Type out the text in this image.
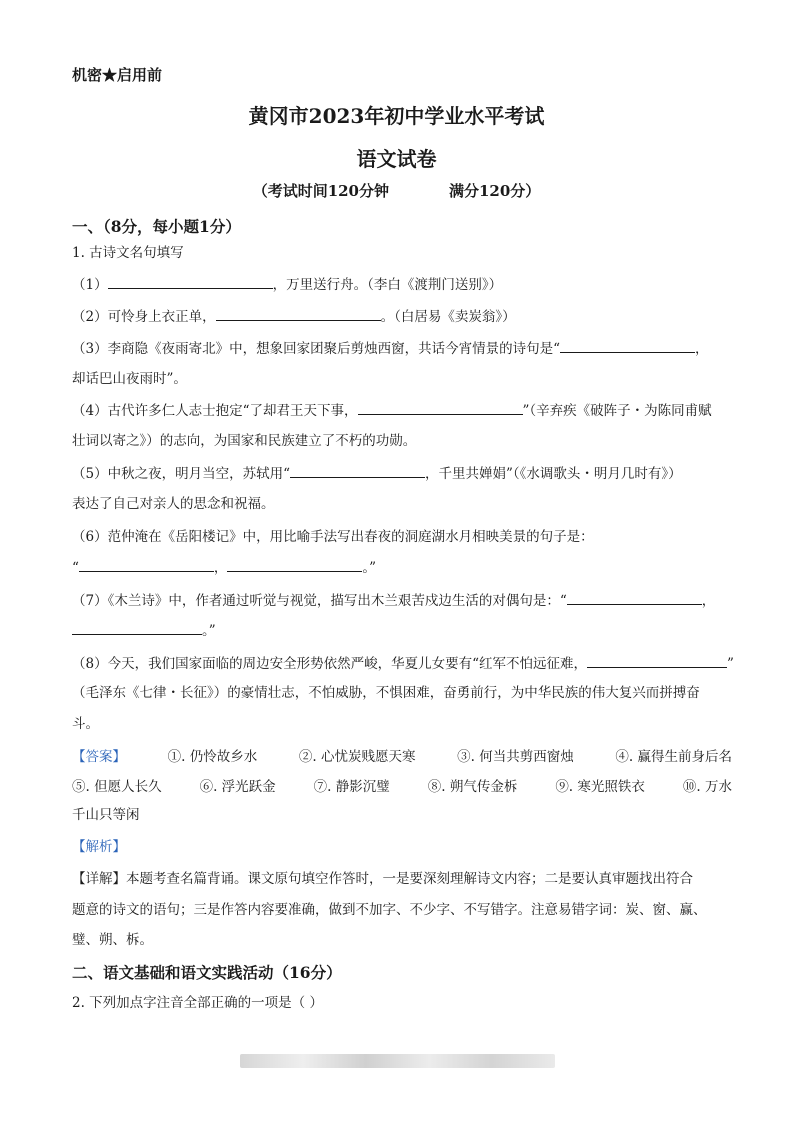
机密★启用前
黄冈市2023年初中学业水平考试
语文试卷
（考试时间120分钟	满分120分）
一、（8分，每小题1分）
1. 古诗文名句填写
（1）	，万里送行舟。（李白《渡荆门送别》）
（2）可怜身上衣正单，	。（白居易《卖炭翁》）
（3）李商隐《夜雨寄北》中，想象回家团聚后剪烛西窗，共话今宵情景的诗句是“	，
却话巴山夜雨时”。
（4）古代许多仁人志士抱定“了却君王天下事，	”（辛弃疾《破阵子・为陈同甫赋
壮词以寄之》）的志向，为国家和民族建立了不朽的功勋。
（5）中秋之夜，明月当空，苏轼用“	，千里共婵娟”（《水调歌头・明月几时有》）
表达了自己对亲人的思念和祝福。
（6）范仲淹在《岳阳楼记》中，用比喻手法写出春夜的洞庭湖水月相映美景的句子是：
“	，	。”
（7）《木兰诗》中，作者通过听觉与视觉，描写出木兰艰苦戍边生活的对偶句是：“	，
。”
（8）今天，我们国家面临的周边安全形势依然严峻，华夏儿女要有“红军不怕远征难，	”
（毛泽东《七律・长征》）的豪情壮志，不怕威胁，不惧困难，奋勇前行，为中华民族的伟大复兴而拼搏奋
斗。
【答案】	①. 仍怜故乡水	②. 心忧炭贱愿天寒	③. 何当共剪西窗烛	④. 赢得生前身后名
⑤. 但愿人长久	⑥. 浮光跃金	⑦. 静影沉璧	⑧. 朔气传金柝	⑨. 寒光照铁衣	⑩. 万水
千山只等闲
【解析】
【详解】本题考查名篇背诵。课文原句填空作答时，一是要深刻理解诗文内容；二是要认真审题找出符合
题意的诗文的语句；三是作答内容要准确，做到不加字、不少字、不写错字。注意易错字词：炭、窗、赢、
璧、朔、柝。
二、语文基础和语文实践活动（16分）
2. 下列加点字注音全部正确的一项是（ ）
